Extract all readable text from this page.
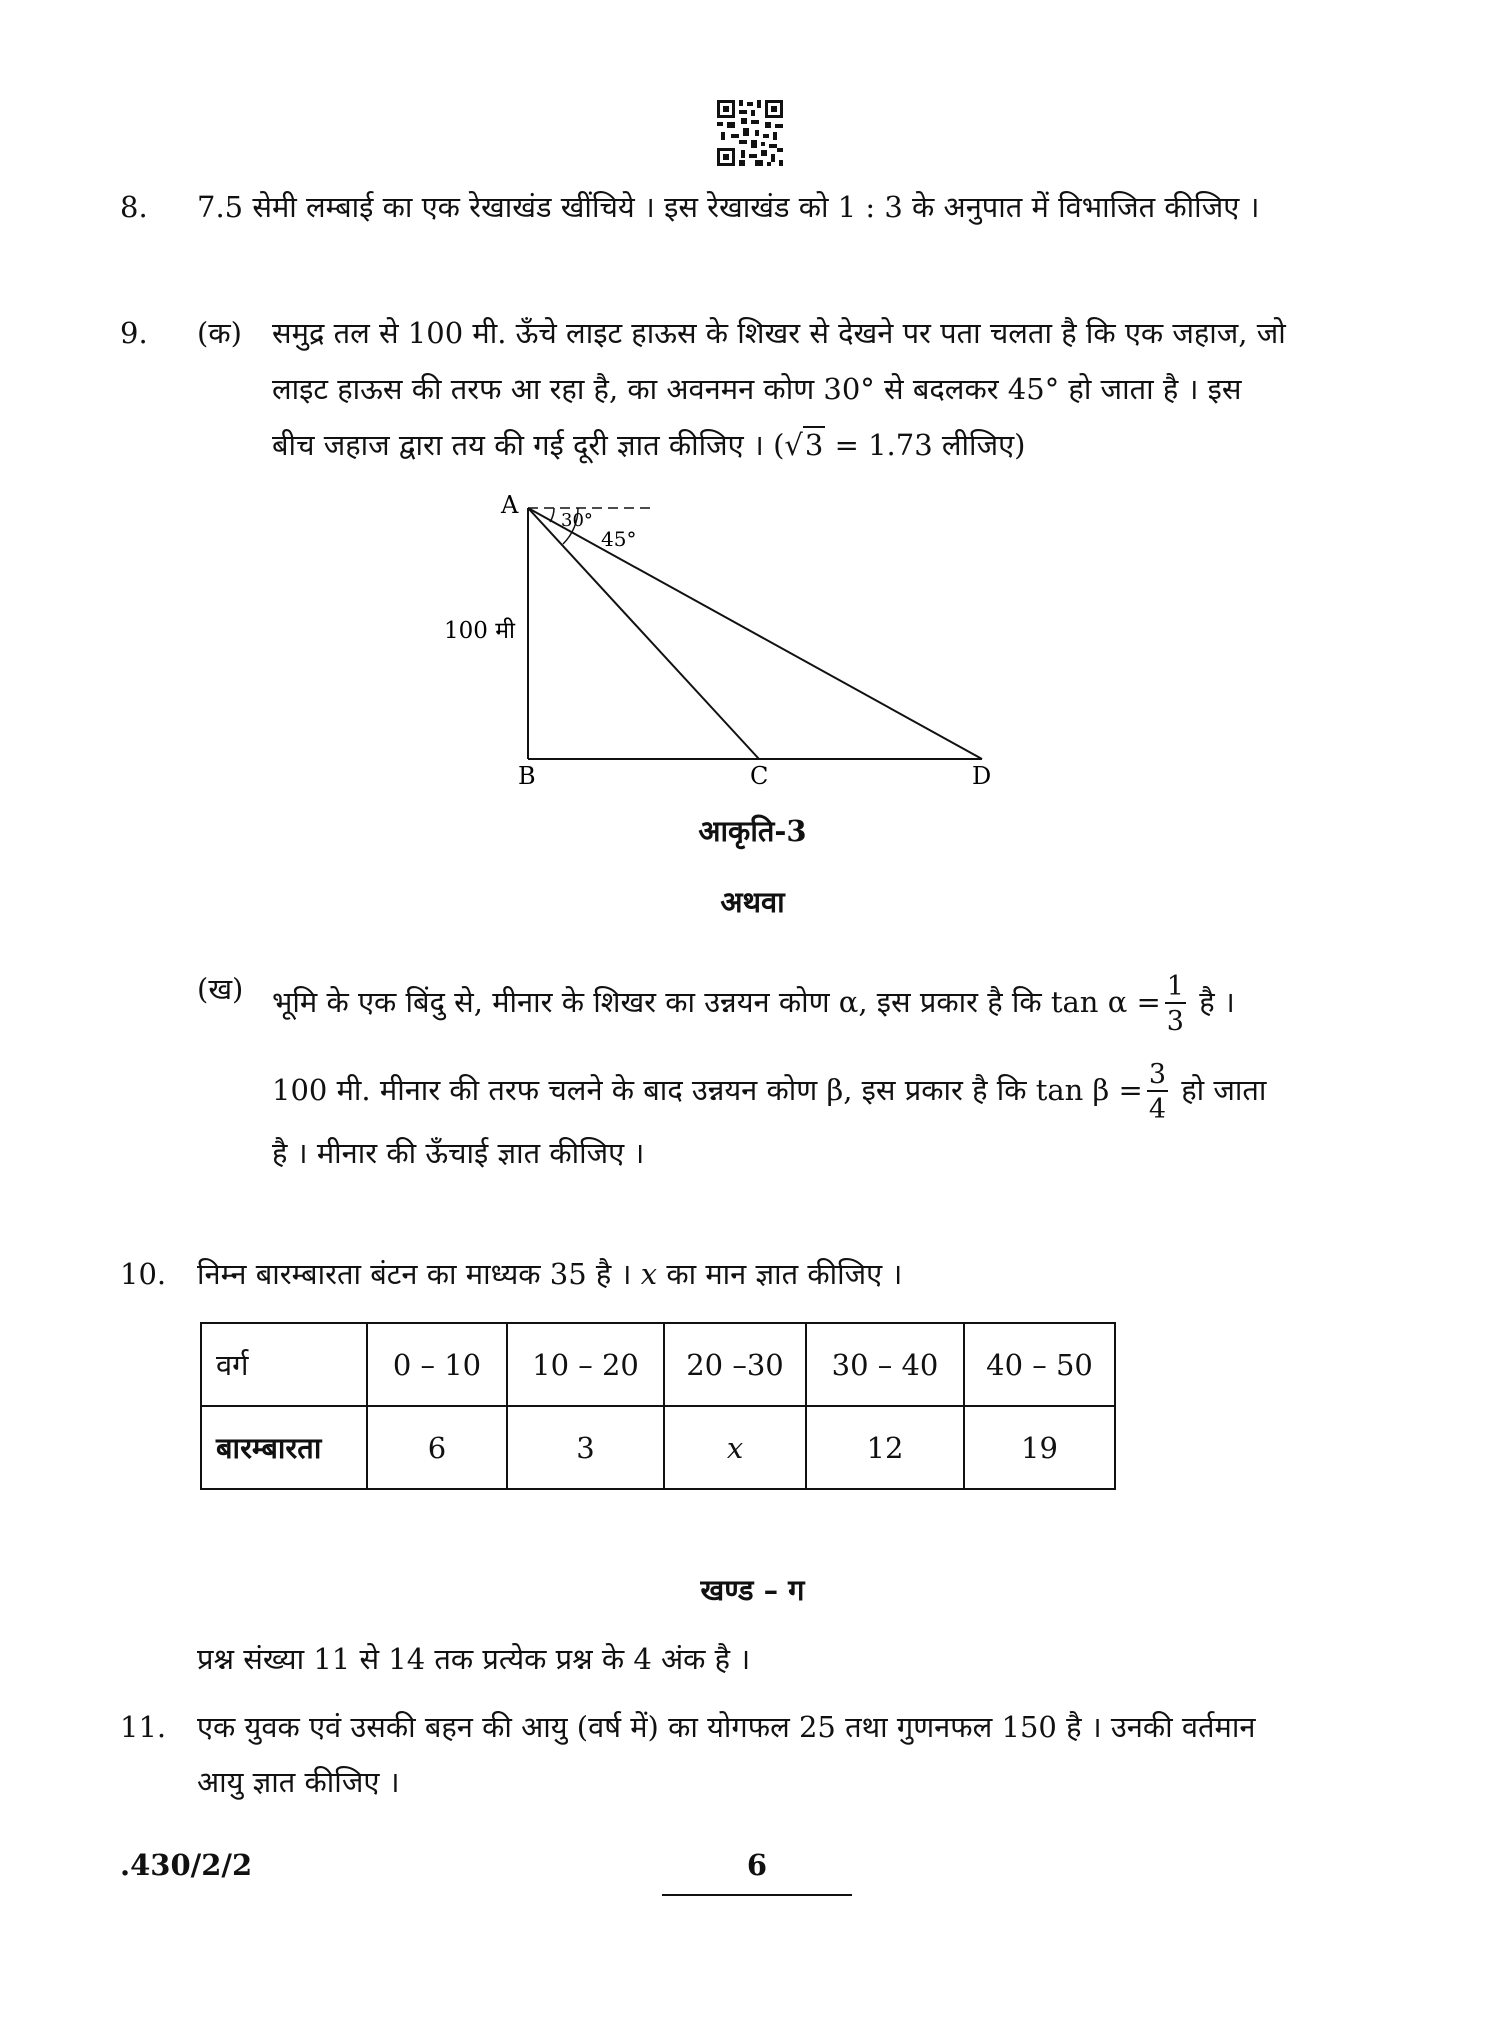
8. 7.5 सेमी लम्बाई का एक रेखाखंड खींचिये । इस रेखाखंड को 1 : 3 के अनुपात में विभाजित कीजिए ।
9. (क) समुद्र तल से 100 मी. ऊँचे लाइट हाऊस के शिखर से देखने पर पता चलता है कि एक जहाज, जो
लाइट हाऊस की तरफ आ रहा है, का अवनमन कोण 30° से बदलकर 45° हो जाता है । इस
बीच जहाज द्वारा तय की गई दूरी ज्ञात कीजिए । (√3 = 1.73 लीजिए)
A
B	C	D
30°
45°
100 मी
आकृति-3
अथवा
(ख) भूमि के एक बिंदु से, मीनार के शिखर का उन्नयन कोण α, इस प्रकार है कि $\tan \alpha = \frac{1}{3}$ है ।
100 मी. मीनार की तरफ चलने के बाद उन्नयन कोण β, इस प्रकार है कि $\tan \beta = \frac{3}{4}$ हो जाता
है । मीनार की ऊँचाई ज्ञात कीजिए ।
10. निम्न बारम्बारता बंटन का माध्यक 35 है । x का मान ज्ञात कीजिए ।
वर्ग	0 – 10	10 – 20	20 –30	30 – 40	40 – 50
बारम्बारता	6	3	x	12	19
खण्ड – ग
प्रश्न संख्या 11 से 14 तक प्रत्येक प्रश्न के 4 अंक है ।
11. एक युवक एवं उसकी बहन की आयु (वर्ष में) का योगफल 25 तथा गुणनफल 150 है । उनकी वर्तमान
आयु ज्ञात कीजिए ।
.430/2/2	6
